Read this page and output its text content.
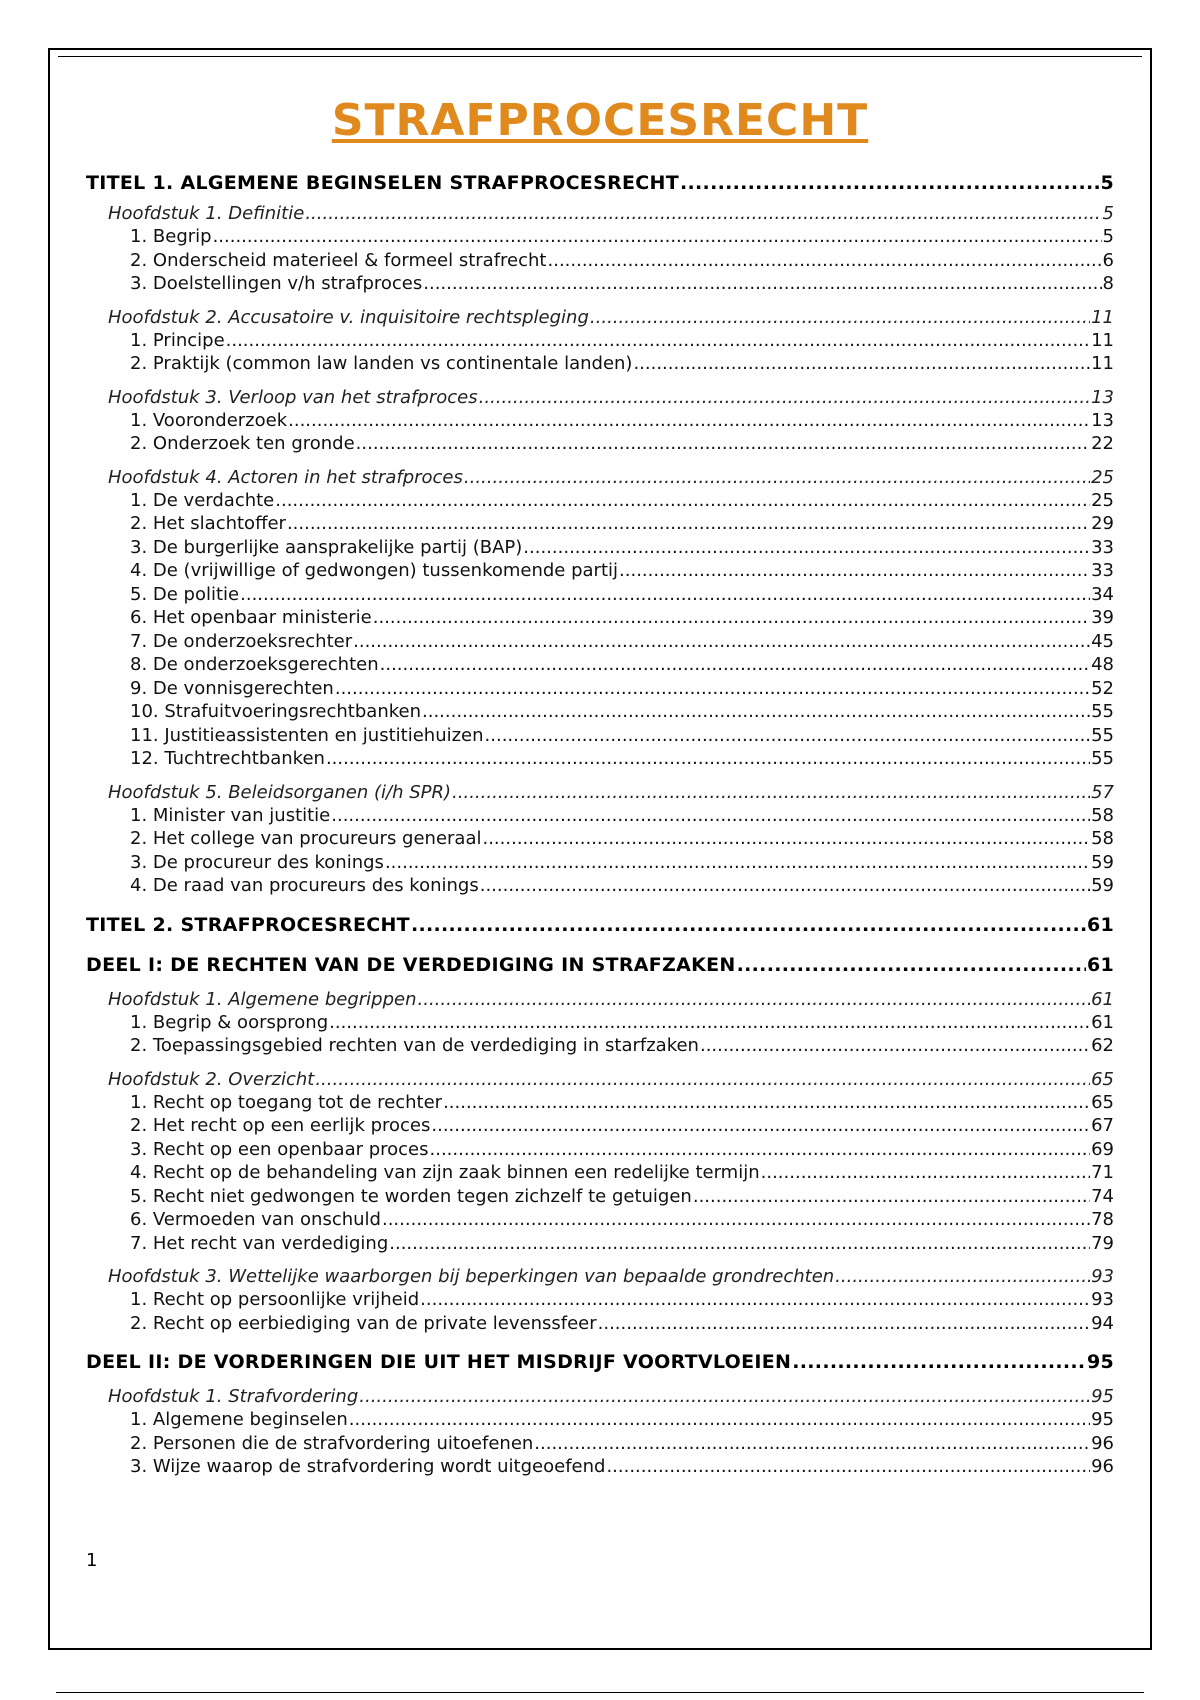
STRAFPROCESRECHT
TITEL 1. ALGEMENE BEGINSELEN STRAFPROCESRECHT .....	5
Hoofdstuk 1. Definitie .....	5
1. Begrip .....	5
2. Onderscheid materieel & formeel strafrecht .....	6
3. Doelstellingen v/h strafproces .....	8
Hoofdstuk 2. Accusatoire v. inquisitoire rechtspleging .....	11
1. Principe .....	11
2. Praktijk (common law landen vs continentale landen) .....	11
Hoofdstuk 3. Verloop van het strafproces .....	13
1. Vooronderzoek .....	13
2. Onderzoek ten gronde .....	22
Hoofdstuk 4. Actoren in het strafproces .....	25
1. De verdachte .....	25
2. Het slachtoffer .....	29
3. De burgerlijke aansprakelijke partij (BAP) .....	33
4. De (vrijwillige of gedwongen) tussenkomende partij .....	33
5. De politie .....	34
6. Het openbaar ministerie .....	39
7. De onderzoeksrechter .....	45
8. De onderzoeksgerechten .....	48
9. De vonnisgerechten .....	52
10. Strafuitvoeringsrechtbanken .....	55
11. Justitieassistenten en justitiehuizen .....	55
12. Tuchtrechtbanken .....	55
Hoofdstuk 5. Beleidsorganen (i/h SPR) .....	57
1. Minister van justitie .....	58
2. Het college van procureurs generaal .....	58
3. De procureur des konings .....	59
4. De raad van procureurs des konings .....	59
TITEL 2. STRAFPROCESRECHT .....	61
DEEL I: DE RECHTEN VAN DE VERDEDIGING IN STRAFZAKEN .....	61
Hoofdstuk 1. Algemene begrippen .....	61
1. Begrip & oorsprong .....	61
2. Toepassingsgebied rechten van de verdediging in starfzaken .....	62
Hoofdstuk 2. Overzicht .....	65
1. Recht op toegang tot de rechter .....	65
2. Het recht op een eerlijk proces .....	67
3. Recht op een openbaar proces .....	69
4. Recht op de behandeling van zijn zaak binnen een redelijke termijn .....	71
5. Recht niet gedwongen te worden tegen zichzelf te getuigen .....	74
6. Vermoeden van onschuld .....	78
7. Het recht van verdediging .....	79
Hoofdstuk 3. Wettelijke waarborgen bij beperkingen van bepaalde grondrechten .....	93
1. Recht op persoonlijke vrijheid .....	93
2. Recht op eerbiediging van de private levenssfeer .....	94
DEEL II: DE VORDERINGEN DIE UIT HET MISDRIJF VOORTVLOEIEN .....	95
Hoofdstuk 1. Strafvordering .....	95
1. Algemene beginselen .....	95
2. Personen die de strafvordering uitoefenen .....	96
3. Wijze waarop de strafvordering wordt uitgeoefend .....	96
1
